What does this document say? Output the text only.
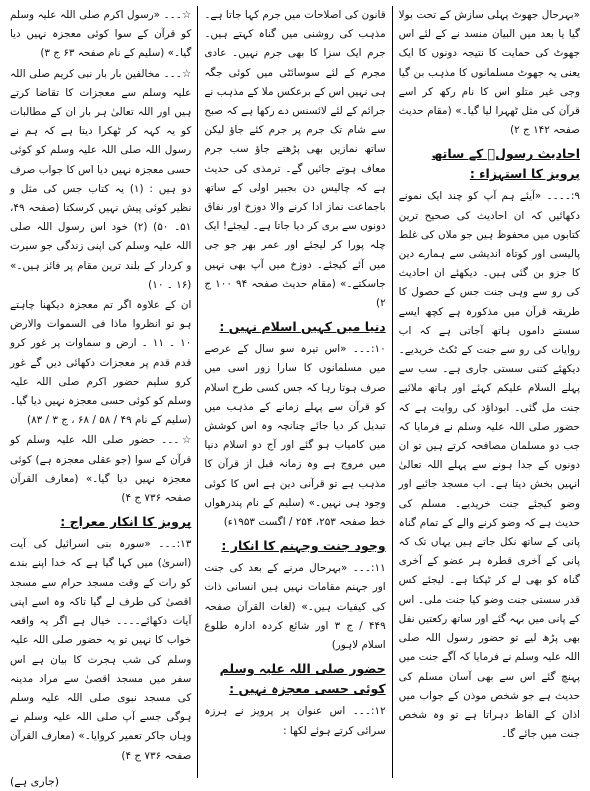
«بہرحال جھوٹ پہلی سازش کے تحت بولا گیا یا بعد میں البیان منسد نے کے لئے اس جھوٹ کی حمایت کا نتیجہ دونوں کا ایک یعنی یہ جھوٹ مسلمانوں کا مذہب بن گیا وجی غیر متلو اس کا نام رکھ کر اسے قرآن کی مثل ٹھہرا لیا گیا۔» (مقام حدیث صفحہ ۱۴۲ ج ۲)

احادیث رسولؐ کے ساتھ پرویز کا استہزاء :

۹:۔۔۔۔ «آیئے ہم آپ کو چند ایک نمونے دکھائیں کہ ان احادیث کی صحیح ترین کتابوں میں محفوظ ہیں جو ملاں کی غلط پالیسی اور کوتاہ اندیشی سے ہمارے دین کا جزو بن گئی ہیں۔ دیکھئے ان احادیث کی رو سے وہی جنت جس کے حصول کا طریقہ قرآن میں مذکورہ ہے کچھ ایسے سستے داموں ہاتھ آجاتی ہے کہ اب روایات کی رو سے جنت کے ٹکٹ خریدیے۔ دیکھئے کتنی سستی جاری ہے۔ سب سے پہلے السلام علیکم کہئے اور ہاتھ ملائیے جنت مل گئی۔ ابوداؤد کی روایت ہے کہ حضور صلی اللہ علیہ وسلم نے فرمایا کہ جب دو مسلمان مصافحہ کرتے ہیں تو ان دونوں کے جدا ہونے سے پہلے اللہ تعالیٰ انہیں بخش دیتا ہے۔ اب مسجد جائیے اور وضو کیجئے جنت خریدیے۔ مسلم کی حدیث ہے کہ وضو کرنے والے کے تمام گناہ پانی کے ساتھ نکل جاتے ہیں یہاں تک کہ پانی کے آخری قطرہ ہر عضو کے آخری گناہ کو بھی لے کر ٹپکتا ہے۔ لیجئے کس قدر سستی جنت وضو کیا جنت ملی۔ اس کے پانی میں بہہ گئے اور ساتھ رکعتیں نفل بھی پڑھ لیے تو حضور رسول اللہ صلی اللہ علیہ وسلم نے فرمایا کہ آگے جنت میں پہنچ گئے اس سے بھی آسان مسلم کی حدیث ہے جو شخص موذن کے جواب میں اذان کے الفاظ دہراتا ہے تو وہ شخص جنت میں جائے گا۔

قانون کی اصلاحات میں جرم کہا جاتا ہے۔ مذہب کی روشنی میں گناہ کہتے ہیں۔ جرم ایک سزا کا بھی جرم نہیں۔ عادی مجرم کے لئے سوسائٹی میں کوئی جگہ ہی نہیں اس کے برعکس ملا کے مذہب نے جرائم کے لئے لائسنس دے رکھا ہے کہ صبح سے شام تک جرم پر جرم کئے جاؤ لیکن ساتھ نمازیں بھی پڑھتے جاؤ سب جرم معاف ہوتے جائیں گے۔ ترمذی کی حدیث ہے کہ چالیس دن بجبیر اولی کے ساتھ باجماعت نماز ادا کرنے والا دوزخ اور نفاق دونوں سے بری کر دیا جاتا ہے۔ لیجئے! ایک چلہ پورا کر لیجئے اور عمر بھر جو جی میں آئے کیجئے۔ دوزخ میں آپ بھی نہیں جاسکتے۔» (مقام حدیث صفحہ ۹۴ ۱۰۰ ج ۲)

دنیا میں کہیں اسلام نہیں :

۱۰:۔۔۔ «اس تیرہ سو سال کے عرصے میں مسلمانوں کا سارا زور اسی میں صرف ہوتا رہا کہ جس کسی طرح اسلام کو قرآن سے پہلے زمانے کے مذہب میں تبدیل کر دیا جائے چنانچہ وہ اس کوشش میں کامیاب ہو گئے اور آج دو اسلام دنیا میں مروج ہے وہ زمانہ قبل از قرآن کا مذہب ہے تو قرآنی دین ہے اس کا کوئی وجود ہی نہیں۔» (سلیم کے نام پندرھواں خط صفحہ ۲۵۳، ۲۵۴ / اگست ۱۹۵۳ء)

وجود جنت وجہنم کا انکار :

۱۱:۔۔۔ «بہرحال مرنے کے بعد کی جنت اور جہنم مقامات نہیں ہیں انسانی ذات کی کیفیات ہیں۔» (لغات القرآن صفحہ ۴۴۹ / ج ۳ اور شائع کردہ ادارہ طلوع اسلام لاہور)

حضور صلی اللہ علیہ وسلم کوئی حسی معجزہ نہیں :

۱۲:۔۔۔ اس عنوان پر پرویز نے ہرزہ سرائی کرتے ہوئے لکھا :

☆۔۔۔ «رسول اکرم صلی اللہ علیہ وسلم کو قرآن کے سوا کوئی معجزہ نہیں دیا گیا۔» (سلیم کے نام صفحہ ۶۳ ج ۳)

☆۔۔۔ مخالفین بار بار نبی کریم صلی اللہ علیہ وسلم سے معجزات کا تقاضا کرتے ہیں اور اللہ تعالیٰ ہر بار ان کے مطالبات کو یہ کہہ کر ٹھکرا دیتا ہے کہ ہم نے رسول اللہ صلی اللہ علیہ وسلم کو کوئی حسی معجزہ نہیں دیا اس کا جواب صرف دو ہیں : (۱) یہ کتاب جس کی مثل و نظیر کوئی پیش نہیں کرسکتا (صفحہ ۴۹، ۵۱۔ ۵۰) (۲) خود اس رسول اللہ صلی اللہ علیہ وسلم کی اپنی زندگی جو سیرت و کردار کے بلند ترین مقام پر فائز ہیں۔» (۱۶ ۔ ۱۰)

ان کے علاوہ اگر تم معجزہ دیکھنا چاہتے ہو تو انظروا ماذا فی السموات والارض ۱۰ ۔ ۱۱ ۔ ارض و سماوات پر غور کرو قدم قدم پر معجزات دکھائی دیں گے غور کرو سلیم حضور اکرم صلی اللہ علیہ وسلم کو کوئی حسی معجزہ نہیں دیا گیا۔ (سلیم کے نام ۴۹ / ۵۸ / ۶۸ ، ج ۳ / ۸۳)

☆۔۔۔ حضور صلی اللہ علیہ وسلم کو قرآن کے سوا (جو عقلی معجزہ ہے) کوئی معجزہ نہیں دیا گیا۔» (معارف القرآن صفحہ ۷۳۶ ج ۴)

پرویز کا انکار معراج :

۱۳:۔۔۔ «سورہ بنی اسرائیل کی آیت (اسریٰ) میں کہا گیا ہے کہ خدا اپنے بندے کو رات کے وقت مسجد حرام سے مسجد اقصیٰ کی طرف لے گیا تاکہ وہ اسے اپنی آیات دکھائے۔۔۔۔ خیال ہے اگر یہ واقعہ خواب کا نہیں تو یہ حضور صلی اللہ علیہ وسلم کی شب ہجرت کا بیان ہے اس سفر میں مسجد اقصیٰ سے مراد مدینہ کی مسجد نبوی صلی اللہ علیہ وسلم ہوگی جسے آپ صلی اللہ علیہ وسلم نے وہاں جاکر تعمیر کروایا۔» (معارف القرآن صفحہ ۷۳۶ ج ۴)

(جاری ہے)
